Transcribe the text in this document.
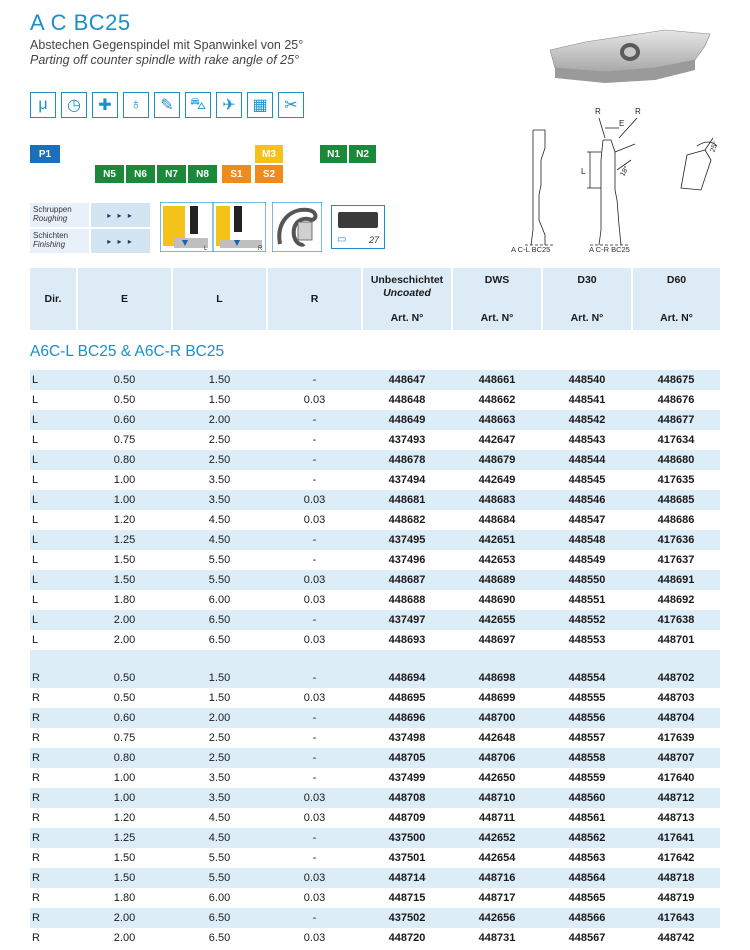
A C BC25
Abstechen Gegenspindel mit Spanwinkel von 25°
Parting off counter spindle with rake angle of 25°
μ	◷	✚	♁	✎	⛍	✈	▦	✂
P1	M3	N1	N2
N5	N6	N7	N8	S1	S2
Schruppen
Roughing	▸ ▸ ▸
Schichten
Finishing	▸ ▸ ▸
L	R
▭	27
R	R
E
L	18°
25°
A C-L BC25	A C-R BC25
Dir.	E	L	R	
Unbeschichtet
Uncoated
Art. N°

DWS
Art. N°

D30
Art. N°

D60
Art. N°
A6C-L BC25 & A6C-R BC25
L	0.50	1.50	-	448647	448661	448540	448675
L	0.50	1.50	0.03	448648	448662	448541	448676
L	0.60	2.00	-	448649	448663	448542	448677
L	0.75	2.50	-	437493	442647	448543	417634
L	0.80	2.50	-	448678	448679	448544	448680
L	1.00	3.50	-	437494	442649	448545	417635
L	1.00	3.50	0.03	448681	448683	448546	448685
L	1.20	4.50	0.03	448682	448684	448547	448686
L	1.25	4.50	-	437495	442651	448548	417636
L	1.50	5.50	-	437496	442653	448549	417637
L	1.50	5.50	0.03	448687	448689	448550	448691
L	1.80	6.00	0.03	448688	448690	448551	448692
L	2.00	6.50	-	437497	442655	448552	417638
L	2.00	6.50	0.03	448693	448697	448553	448701
R	0.50	1.50	-	448694	448698	448554	448702
R	0.50	1.50	0.03	448695	448699	448555	448703
R	0.60	2.00	-	448696	448700	448556	448704
R	0.75	2.50	-	437498	442648	448557	417639
R	0.80	2.50	-	448705	448706	448558	448707
R	1.00	3.50	-	437499	442650	448559	417640
R	1.00	3.50	0.03	448708	448710	448560	448712
R	1.20	4.50	0.03	448709	448711	448561	448713
R	1.25	4.50	-	437500	442652	448562	417641
R	1.50	5.50	-	437501	442654	448563	417642
R	1.50	5.50	0.03	448714	448716	448564	448718
R	1.80	6.00	0.03	448715	448717	448565	448719
R	2.00	6.50	-	437502	442656	448566	417643
R	2.00	6.50	0.03	448720	448731	448567	448742
